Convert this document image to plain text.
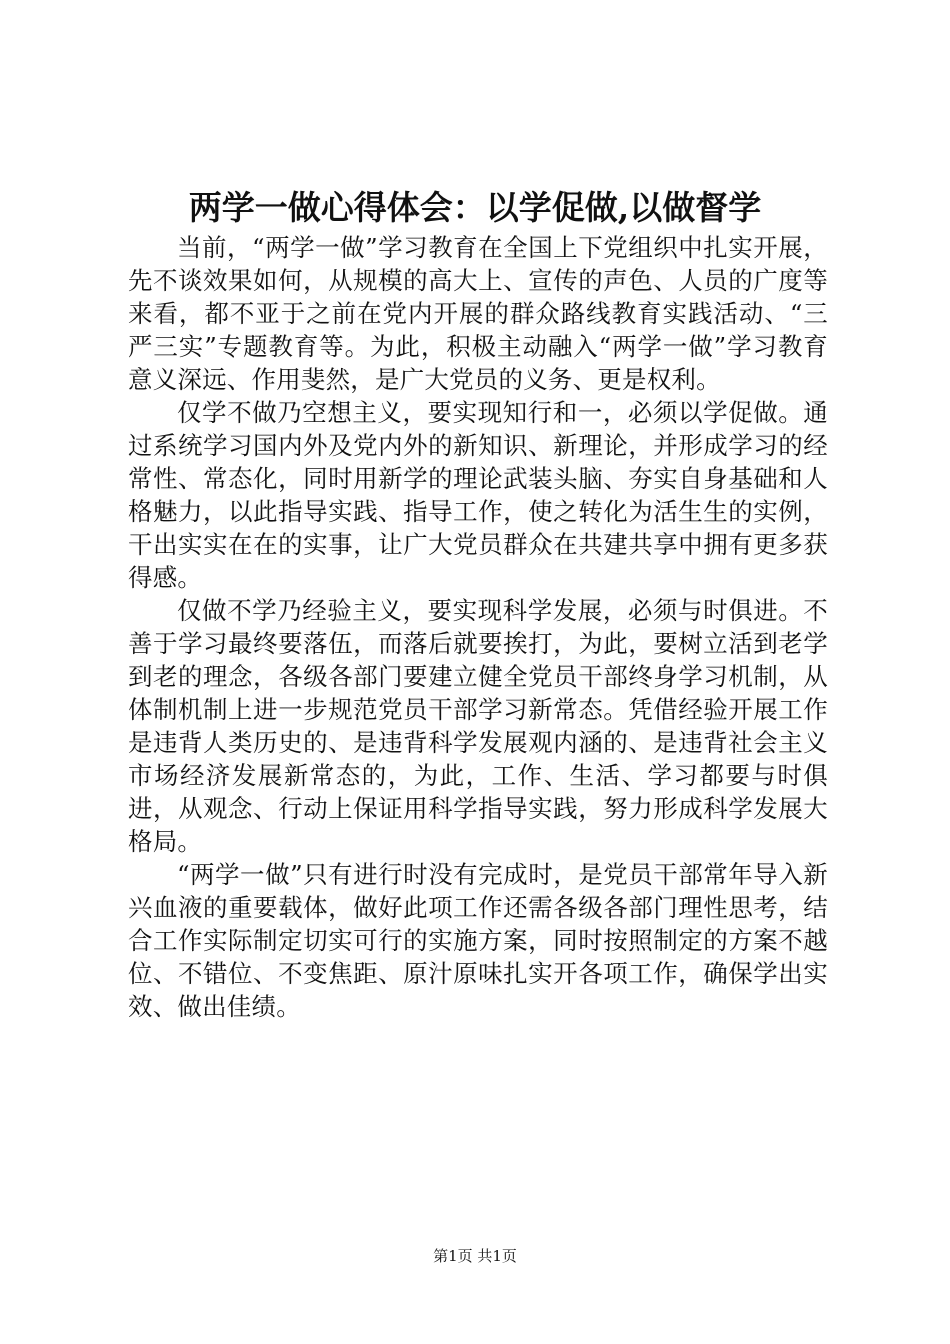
两学一做心得体会：以学促做,以做督学

当前，“两学一做”学习教育在全国上下党组织中扎实开展，先不谈效果如何，从规模的高大上、宣传的声色、人员的广度等来看，都不亚于之前在党内开展的群众路线教育实践活动、“三严三实”专题教育等。为此，积极主动融入“两学一做”学习教育意义深远、作用斐然，是广大党员的义务、更是权利。

仅学不做乃空想主义，要实现知行和一，必须以学促做。通过系统学习国内外及党内外的新知识、新理论，并形成学习的经常性、常态化，同时用新学的理论武装头脑、夯实自身基础和人格魅力，以此指导实践、指导工作，使之转化为活生生的实例，干出实实在在的实事，让广大党员群众在共建共享中拥有更多获得感。

仅做不学乃经验主义，要实现科学发展，必须与时俱进。不善于学习最终要落伍，而落后就要挨打，为此，要树立活到老学到老的理念，各级各部门要建立健全党员干部终身学习机制，从体制机制上进一步规范党员干部学习新常态。凭借经验开展工作是违背人类历史的、是违背科学发展观内涵的、是违背社会主义市场经济发展新常态的，为此，工作、生活、学习都要与时俱进，从观念、行动上保证用科学指导实践，努力形成科学发展大格局。

“两学一做”只有进行时没有完成时，是党员干部常年导入新兴血液的重要载体，做好此项工作还需各级各部门理性思考，结合工作实际制定切实可行的实施方案，同时按照制定的方案不越位、不错位、不变焦距、原汁原味扎实开各项工作，确保学出实效、做出佳绩。

第1页 共1页
